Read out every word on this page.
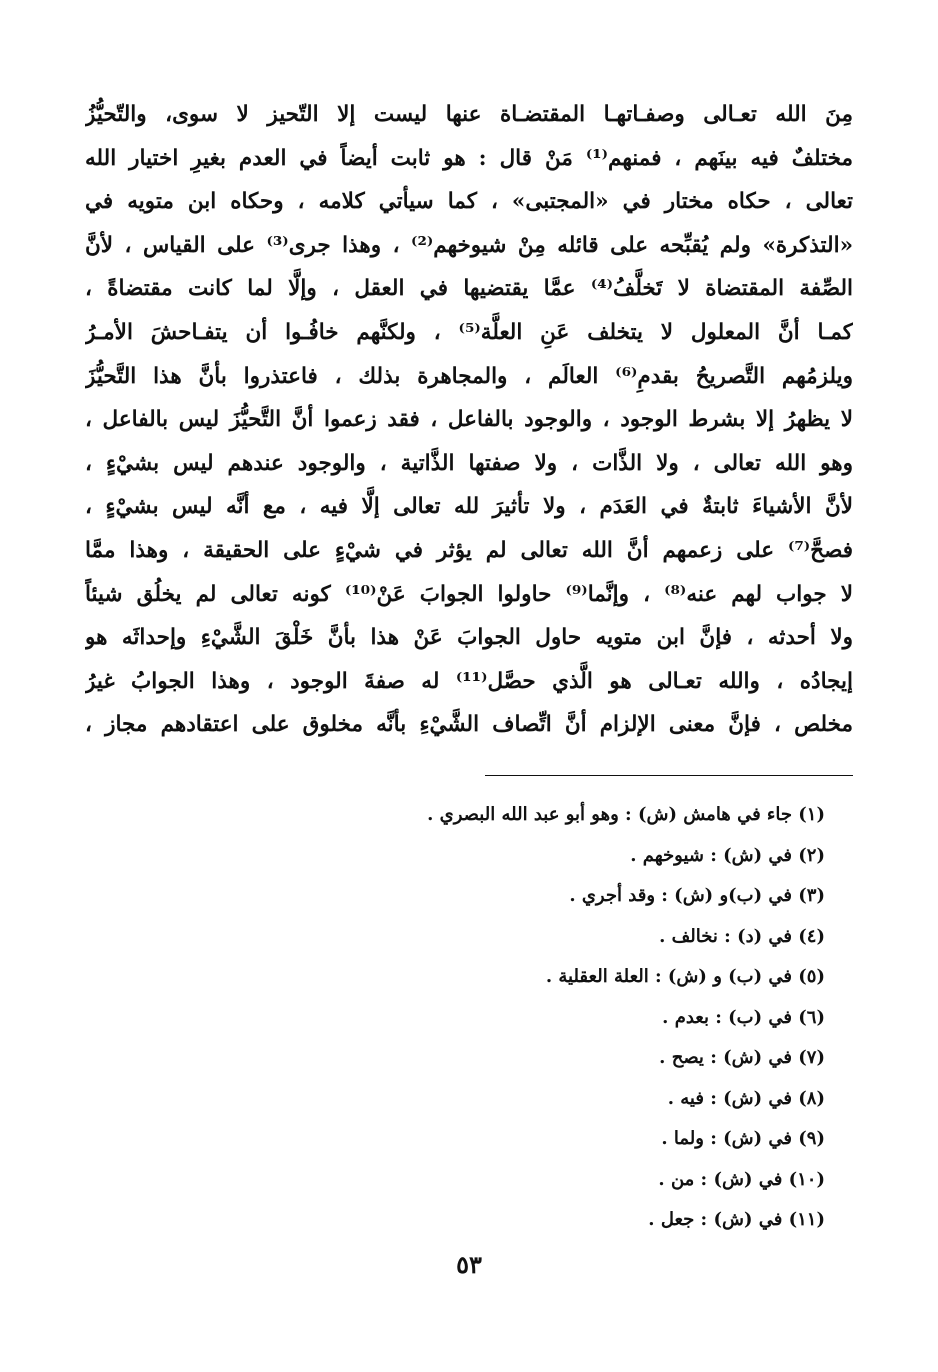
مِنَ الله تعـالى وصفـاتهـا المقتضـاة عنها ليست إلا التّحيز لا سوى، والتّحيُّزُ
مختلفٌ فيه بينَهم ، فمنهم⁽¹⁾ مَنْ قال : هو ثابت أيضاً في العدم بغيرِ اختيار الله
تعالى ، حكاه مختار في «المجتبى» ، كما سيأتي كلامه ، وحكاه ابن متويه في
«التذكرة» ولم يُقبِّحه على قائله مِنْ شيوخهم⁽²⁾ ، وهذا جرى⁽³⁾ على القياس ، لأنَّ
الصِّفة المقتضاة لا تَخلَّفُ⁽⁴⁾ عمَّا يقتضيها في العقل ، وإلَّا لما كانت مقتضاةً ،
كمـا أنَّ المعلول لا يتخلف عَنِ العلَّة⁽⁵⁾ ، ولكنَّهم خافُـوا أن يتفـاحشَ الأمـرُ
ويلزمُهم التَّصريحُ بقدمِ⁽⁶⁾ العالَم ، والمجاهرة بذلك ، فاعتذروا بأنَّ هذا التَّحيُّزَ
لا يظهرُ إلا بشرط الوجود ، والوجود بالفاعل ، فقد زعموا أنَّ التَّحيُّزَ ليس بالفاعل ،
وهو الله تعالى ، ولا الذَّات ، ولا صفتها الذَّاتية ، والوجود عندهم ليس بشيْءٍ ،
لأنَّ الأشياءَ ثابتةٌ في العَدَم ، ولا تأثيرَ لله تعالى إلَّا فيه ، مع أنَّه ليس بشيْءٍ ،
فصحَّ⁽⁷⁾ على زعمهم أنَّ الله تعالى لم يؤثر في شيْءٍ على الحقيقة ، وهذا ممَّا
لا جواب لهم عنه⁽⁸⁾ ، وإنَّما⁽⁹⁾ حاولوا الجوابَ عَنْ⁽¹⁰⁾ كونه تعالى لم يخلُق شيئاً
ولا أحدثه ، فإنَّ ابن متويه حاول الجوابَ عَنْ هذا بأنَّ خَلْقَ الشَّيْءِ وإحداثَه هو
إيجادُه ، والله تعـالى هو الَّذي حصَّل⁽¹¹⁾ له صفةَ الوجود ، وهذا الجوابُ غيرُ
مخلص ، فإنَّ معنى الإلزام أنَّ اتِّصاف الشَّيْءِ بأنَّه مخلوق على اعتقادهم مجاز ،
(١) جاء في هامش (ش) : وهو أبو عبد الله البصري .
(٢) في (ش) : شيوخهم .
(٣) في (ب)و (ش) : وقد أجري .
(٤) في (د) : نخالف .
(٥) في (ب) و (ش) : العلة العقلية .
(٦) في (ب) : بعدم .
(٧) في (ش) : يصح .
(٨) في (ش) : فيه .
(٩) في (ش) : ولما .
(١٠) في (ش) : من .
(١١) في (ش) : جعل .
٥٣
